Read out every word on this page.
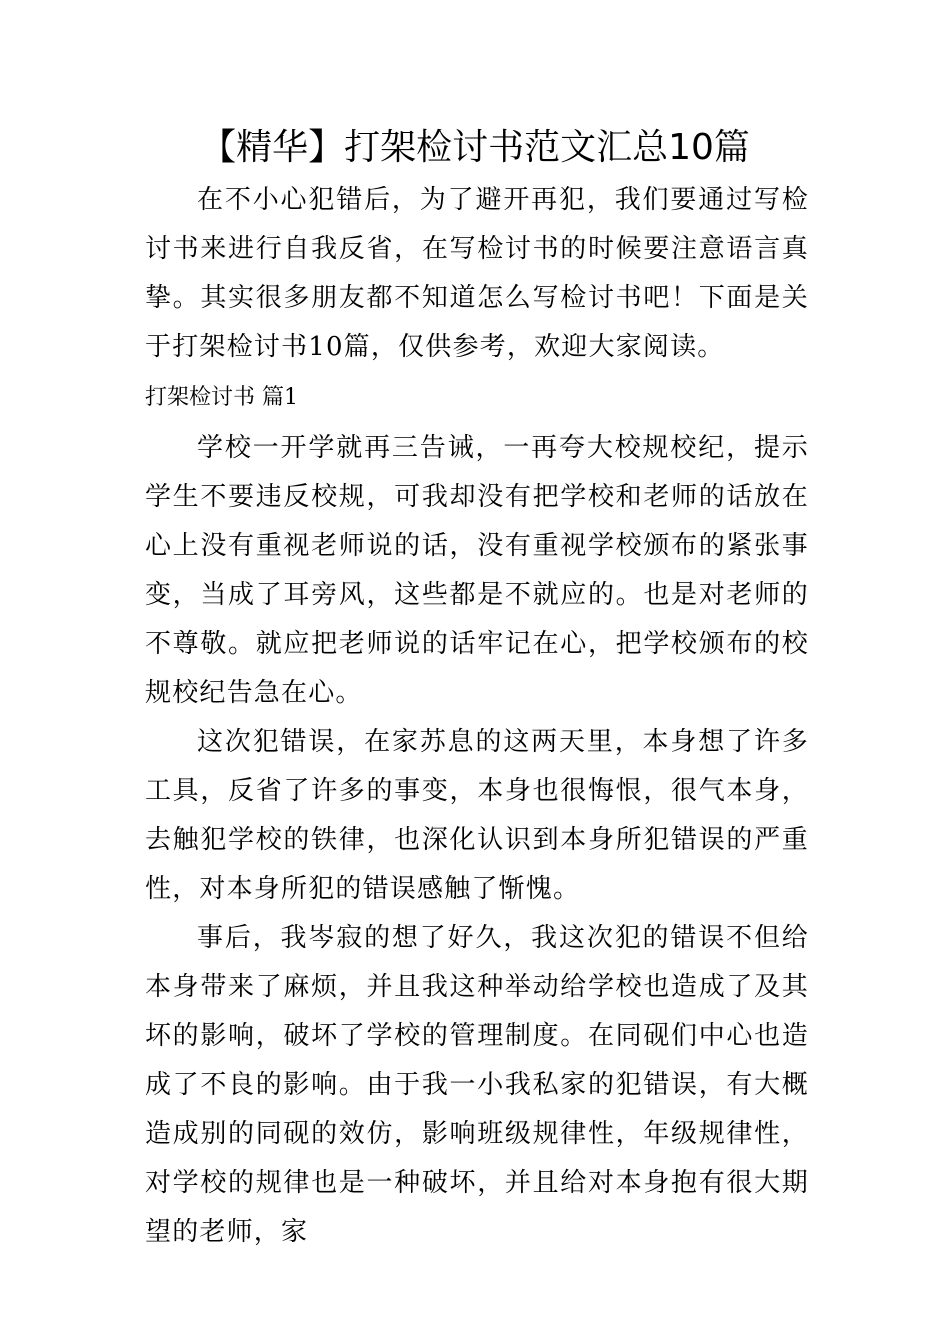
【精华】打架检讨书范文汇总10篇

在不小心犯错后，为了避开再犯，我们要通过写检讨书来进行自我反省，在写检讨书的时候要注意语言真挚。其实很多朋友都不知道怎么写检讨书吧！下面是关于打架检讨书10篇，仅供参考，欢迎大家阅读。

打架检讨书 篇1

学校一开学就再三告诫，一再夸大校规校纪，提示学生不要违反校规，可我却没有把学校和老师的话放在心上没有重视老师说的话，没有重视学校颁布的紧张事变，当成了耳旁风，这些都是不就应的。也是对老师的不尊敬。就应把老师说的话牢记在心，把学校颁布的校规校纪告急在心。

这次犯错误，在家苏息的这两天里，本身想了许多工具，反省了许多的事变，本身也很悔恨，很气本身，去触犯学校的铁律，也深化认识到本身所犯错误的严重性，对本身所犯的错误感触了惭愧。

事后，我岑寂的想了好久，我这次犯的错误不但给本身带来了麻烦，并且我这种举动给学校也造成了及其坏的影响，破坏了学校的管理制度。在同砚们中心也造成了不良的影响。由于我一小我私家的犯错误，有大概造成别的同砚的效仿，影响班级规律性，年级规律性，对学校的规律也是一种破坏，并且给对本身抱有很大期望的老师，家
